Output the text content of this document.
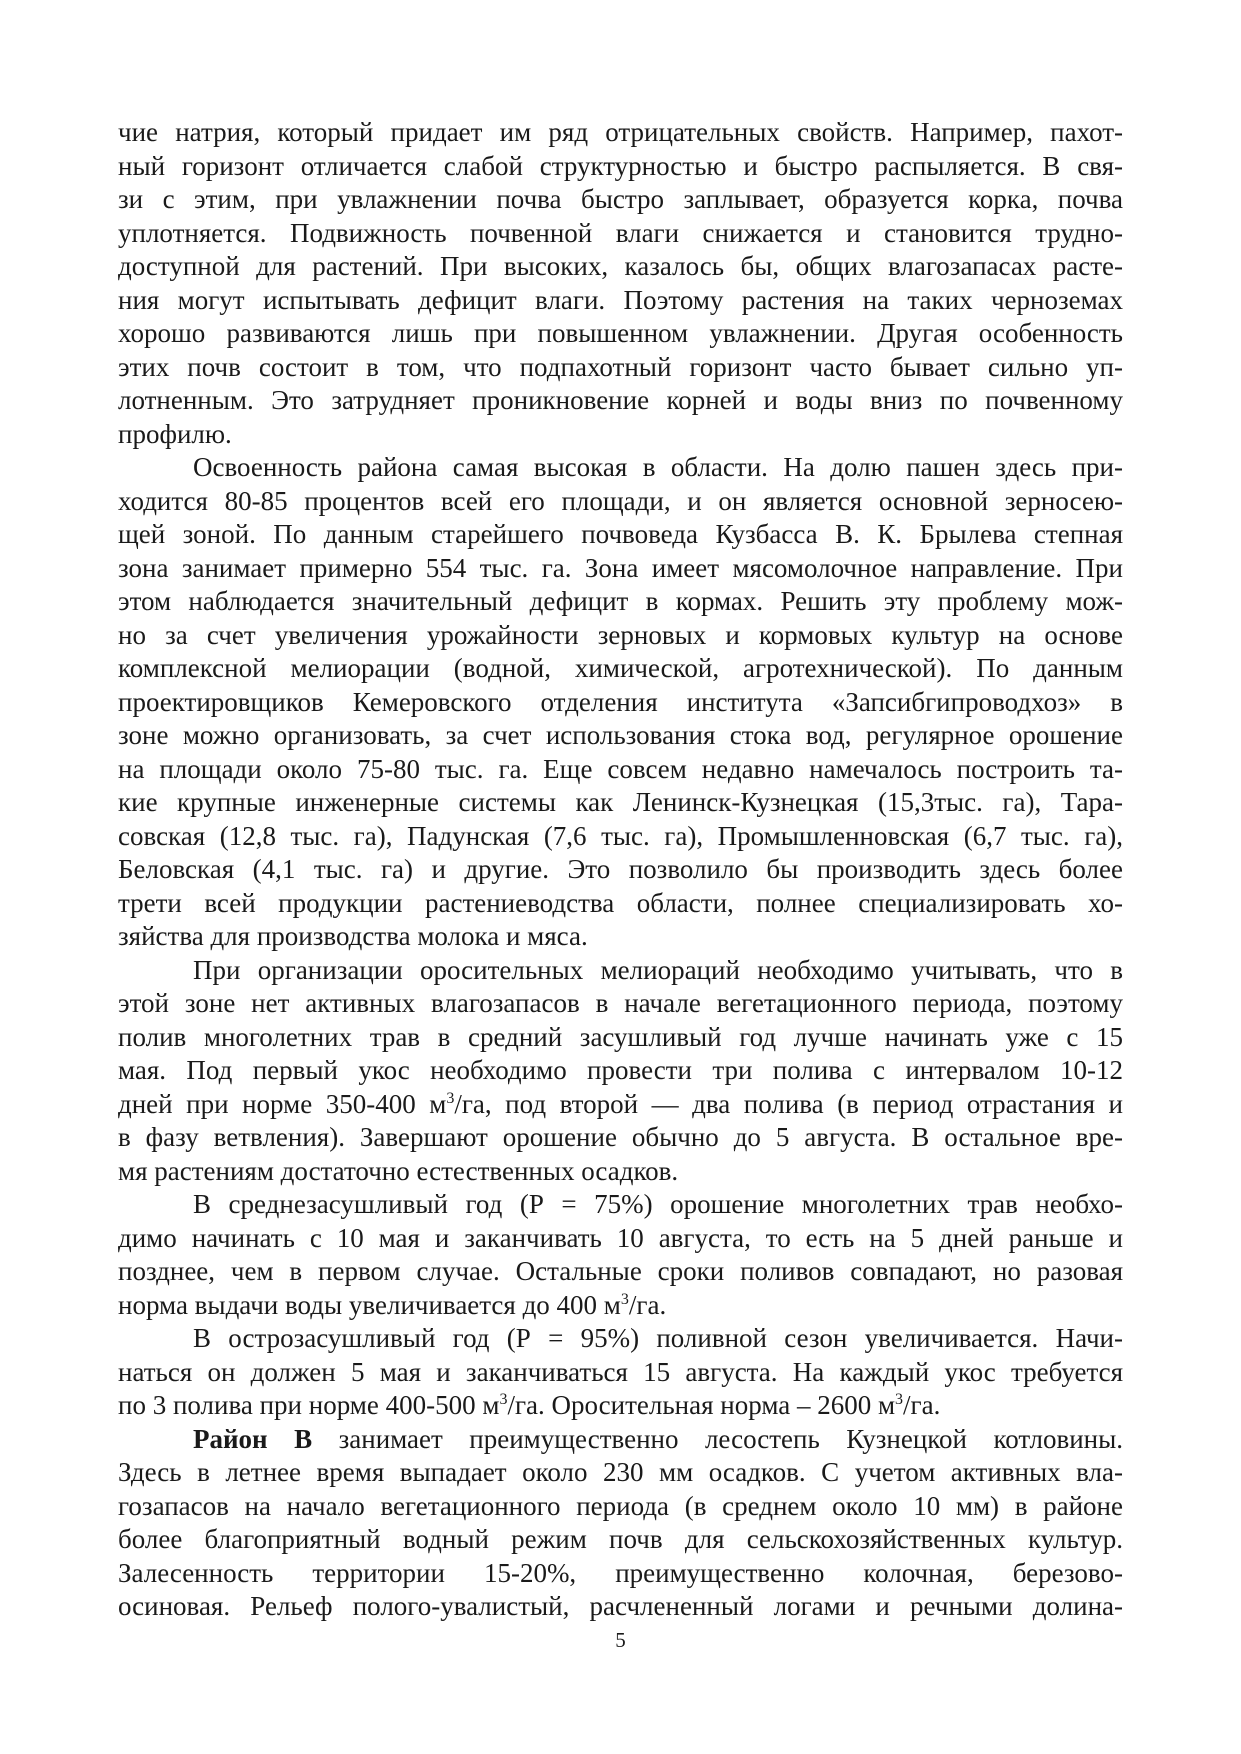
чие натрия, который придает им ряд отрицательных свойств. Например, пахот-
ный горизонт отличается слабой структурностью и быстро распыляется. В свя-
зи с этим, при увлажнении почва быстро заплывает, образуется корка, почва
уплотняется. Подвижность почвенной влаги снижается и становится трудно-
доступной для растений. При высоких, казалось бы, общих влагозапасах расте-
ния могут испытывать дефицит влаги. Поэтому растения на таких черноземах
хорошо развиваются лишь при повышенном увлажнении. Другая особенность
этих почв состоит в том, что подпахотный горизонт часто бывает сильно уп-
лотненным. Это затрудняет проникновение корней и воды вниз по почвенному
профилю.

Освоенность района самая высокая в области. На долю пашен здесь при-
ходится 80-85 процентов всей его площади, и он является основной зерносею-
щей зоной. По данным старейшего почвоведа Кузбасса В. К. Брылева степная
зона занимает примерно 554 тыс. га. Зона имеет мясомолочное направление. При
этом наблюдается значительный дефицит в кормах. Решить эту проблему мож-
но за счет увеличения урожайности зерновых и кормовых культур на основе
комплексной мелиорации (водной, химической, агротехнической). По данным
проектировщиков Кемеровского отделения института «Запсибгипроводхоз» в
зоне можно организовать, за счет использования стока вод, регулярное орошение
на площади около 75-80 тыс. га. Еще совсем недавно намечалось построить та-
кие крупные инженерные системы как Ленинск-Кузнецкая (15,3тыс. га), Тара-
совская (12,8 тыс. га), Падунская (7,6 тыс. га), Промышленновская (6,7 тыс. га),
Беловская (4,1 тыс. га) и другие. Это позволило бы производить здесь более
трети всей продукции растениеводства области, полнее специализировать хо-
зяйства для производства молока и мяса.

При организации оросительных мелиораций необходимо учитывать, что в
этой зоне нет активных влагозапасов в начале вегетационного периода, поэтому
полив многолетних трав в средний засушливый год лучше начинать уже с 15
мая. Под первый укос необходимо провести три полива с интервалом 10-12
дней при норме 350-400 $м^3/га$, под второй — два полива (в период отрастания и
в фазу ветвления). Завершают орошение обычно до 5 августа. В остальное вре-
мя растениям достаточно естественных осадков.

В среднезасушливый год (Р = 75%) орошение многолетних трав необхо-
димо начинать с 10 мая и заканчивать 10 августа, то есть на 5 дней раньше и
позднее, чем в первом случае. Остальные сроки поливов совпадают, но разовая
норма выдачи воды увеличивается до 400 $м^3/га$.

В острозасушливый год (Р = 95%) поливной сезон увеличивается. Начи-
наться он должен 5 мая и заканчиваться 15 августа. На каждый укос требуется
по 3 полива при норме 400-500 $м^3/га$. Оросительная норма – 2600 $м^3/га$.

Район В занимает преимущественно лесостепь Кузнецкой котловины.
Здесь в летнее время выпадает около 230 мм осадков. С учетом активных вла-
гозапасов на начало вегетационного периода (в среднем около 10 мм) в районе
более благоприятный водный режим почв для сельскохозяйственных культур.
Залесенность территории 15-20%, преимущественно колочная, березово-
осиновая. Рельеф полого-увалистый, расчлененный логами и речными долина-

5
